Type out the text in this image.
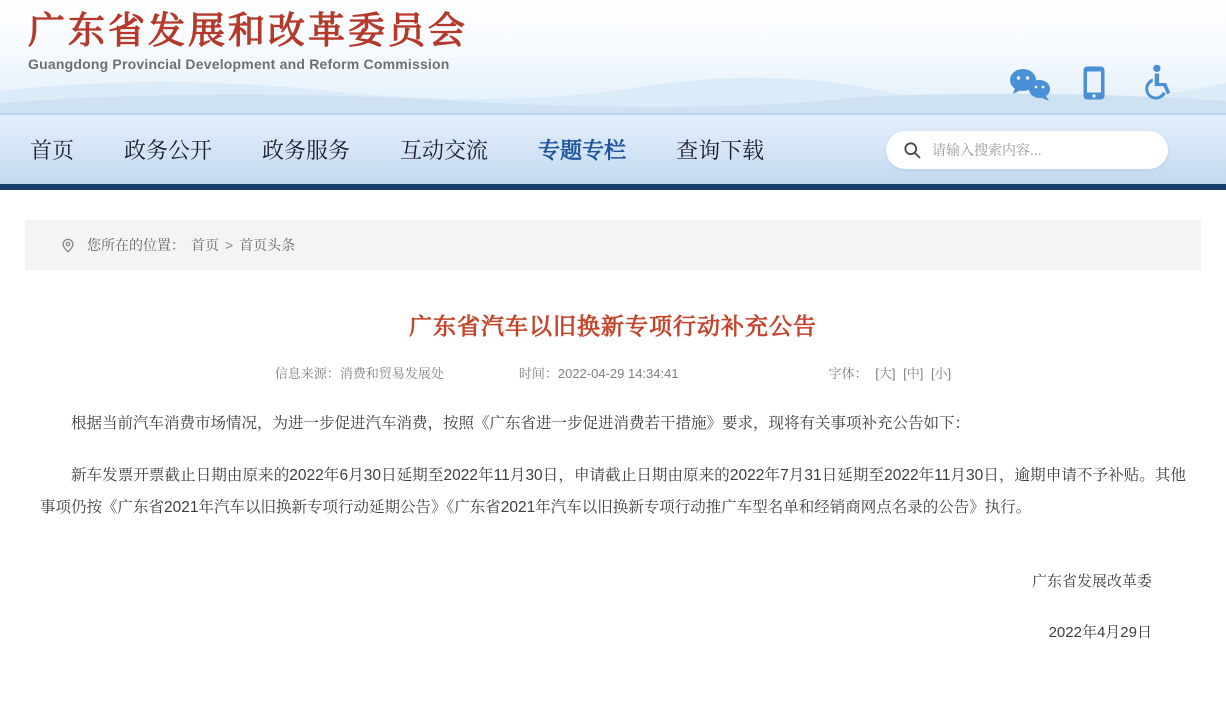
广东省发展和改革委员会
Guangdong Provincial Development and Reform Commission
首页 政务公开 政务服务 互动交流 专题专栏 查询下载
请输入搜索内容...
您所在的位置： 首页 > 首页头条
广东省汽车以旧换新专项行动补充公告
信息来源：消费和贸易发展处	时间：2022-04-29 14:34:41	字体： [大] [中] [小]

根据当前汽车消费市场情况，为进一步促进汽车消费，按照《广东省进一步促进消费若干措施》要求，现将有关事项补充公告如下：

新车发票开票截止日期由原来的2022年6月30日延期至2022年11月30日，申请截止日期由原来的2022年7月31日延期至2022年11月30日，逾期申请不予补贴。其他事项仍按《广东省2021年汽车以旧换新专项行动延期公告》《广东省2021年汽车以旧换新专项行动推广车型名单和经销商网点名录的公告》执行。

广东省发展改革委
2022年4月29日
